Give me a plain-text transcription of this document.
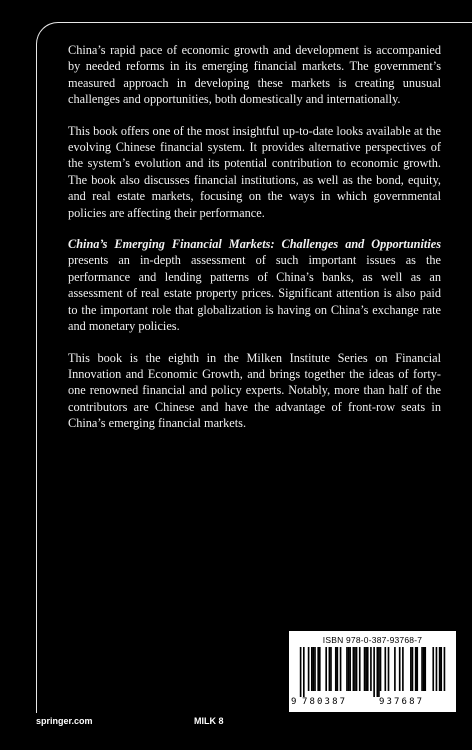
China’s rapid pace of economic growth and development is accompanied by needed reforms in its emerging financial markets. The government’s measured approach in developing these markets is creating unusual challenges and opportunities, both domestically and internationally.

This book offers one of the most insightful up-to-date looks available at the evolving Chinese financial system. It provides alternative perspectives of the system’s evolution and its potential contribution to economic growth. The book also discusses financial institutions, as well as the bond, equity, and real estate markets, focusing on the ways in which governmental policies are affecting their performance.

China’s Emerging Financial Markets: Challenges and Opportunities presents an in-depth assessment of such important issues as the performance and lending patterns of China’s banks, as well as an assessment of real estate property prices. Significant attention is also paid to the important role that globalization is having on China’s exchange rate and monetary policies.

This book is the eighth in the Milken Institute Series on Financial Innovation and Economic Growth, and brings together the ideas of forty-one renowned financial and policy experts. Notably, more than half of the contributors are Chinese and have the advantage of front-row seats in China’s emerging financial markets.

ISBN 978-0-387-93768-7
9 780387	937687
springer.com	MILK 8
